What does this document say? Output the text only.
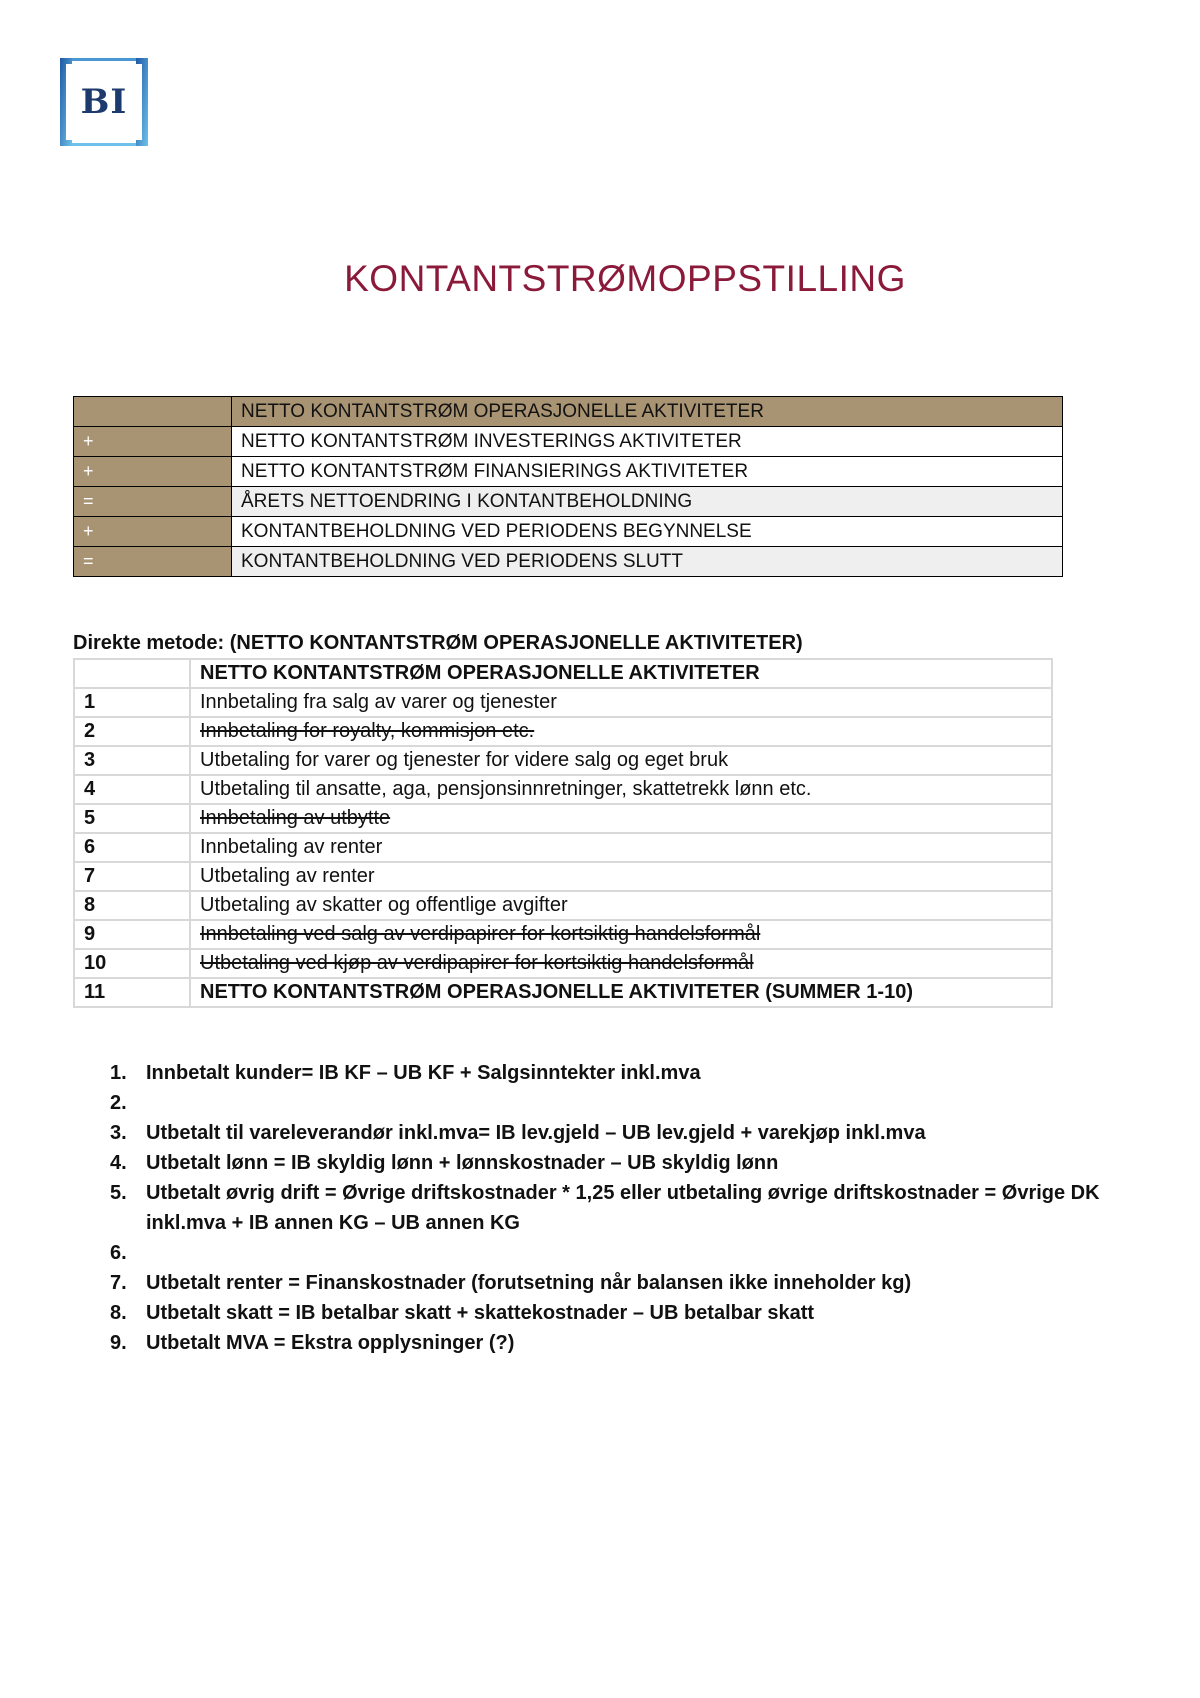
BI
KONTANTSTRØMOPPSTILLING
	NETTO KONTANTSTRØM OPERASJONELLE AKTIVITETER
+	NETTO KONTANTSTRØM INVESTERINGS AKTIVITETER
+	NETTO KONTANTSTRØM FINANSIERINGS AKTIVITETER
=	ÅRETS NETTOENDRING I KONTANTBEHOLDNING
+	KONTANTBEHOLDNING VED PERIODENS BEGYNNELSE
=	KONTANTBEHOLDNING VED PERIODENS SLUTT
Direkte metode: (NETTO KONTANTSTRØM OPERASJONELLE AKTIVITETER)
	NETTO KONTANTSTRØM OPERASJONELLE AKTIVITETER
1	Innbetaling fra salg av varer og tjenester
2	Innbetaling for royalty, kommisjon etc.
3	Utbetaling for varer og tjenester for videre salg og eget bruk
4	Utbetaling til ansatte, aga, pensjonsinnretninger, skattetrekk lønn etc.
5	Innbetaling av utbytte
6	Innbetaling av renter
7	Utbetaling av renter
8	Utbetaling av skatter og offentlige avgifter
9	Innbetaling ved salg av verdipapirer for kortsiktig handelsformål
10	Utbetaling ved kjøp av verdipapirer for kortsiktig handelsformål
11	NETTO KONTANTSTRØM OPERASJONELLE AKTIVITETER (SUMMER 1-10)
1. Innbetalt kunder= IB KF – UB KF + Salgsinntekter inkl.mva
2.
3. Utbetalt til vareleverandør inkl.mva= IB lev.gjeld – UB lev.gjeld + varekjøp inkl.mva
4. Utbetalt lønn = IB skyldig lønn + lønnskostnader – UB skyldig lønn
5. Utbetalt øvrig drift = Øvrige driftskostnader * 1,25 eller utbetaling øvrige driftskostnader = Øvrige DK inkl.mva + IB annen KG – UB annen KG
6.
7. Utbetalt renter = Finanskostnader (forutsetning når balansen ikke inneholder kg)
8. Utbetalt skatt = IB betalbar skatt + skattekostnader – UB betalbar skatt
9. Utbetalt MVA = Ekstra opplysninger (?)
